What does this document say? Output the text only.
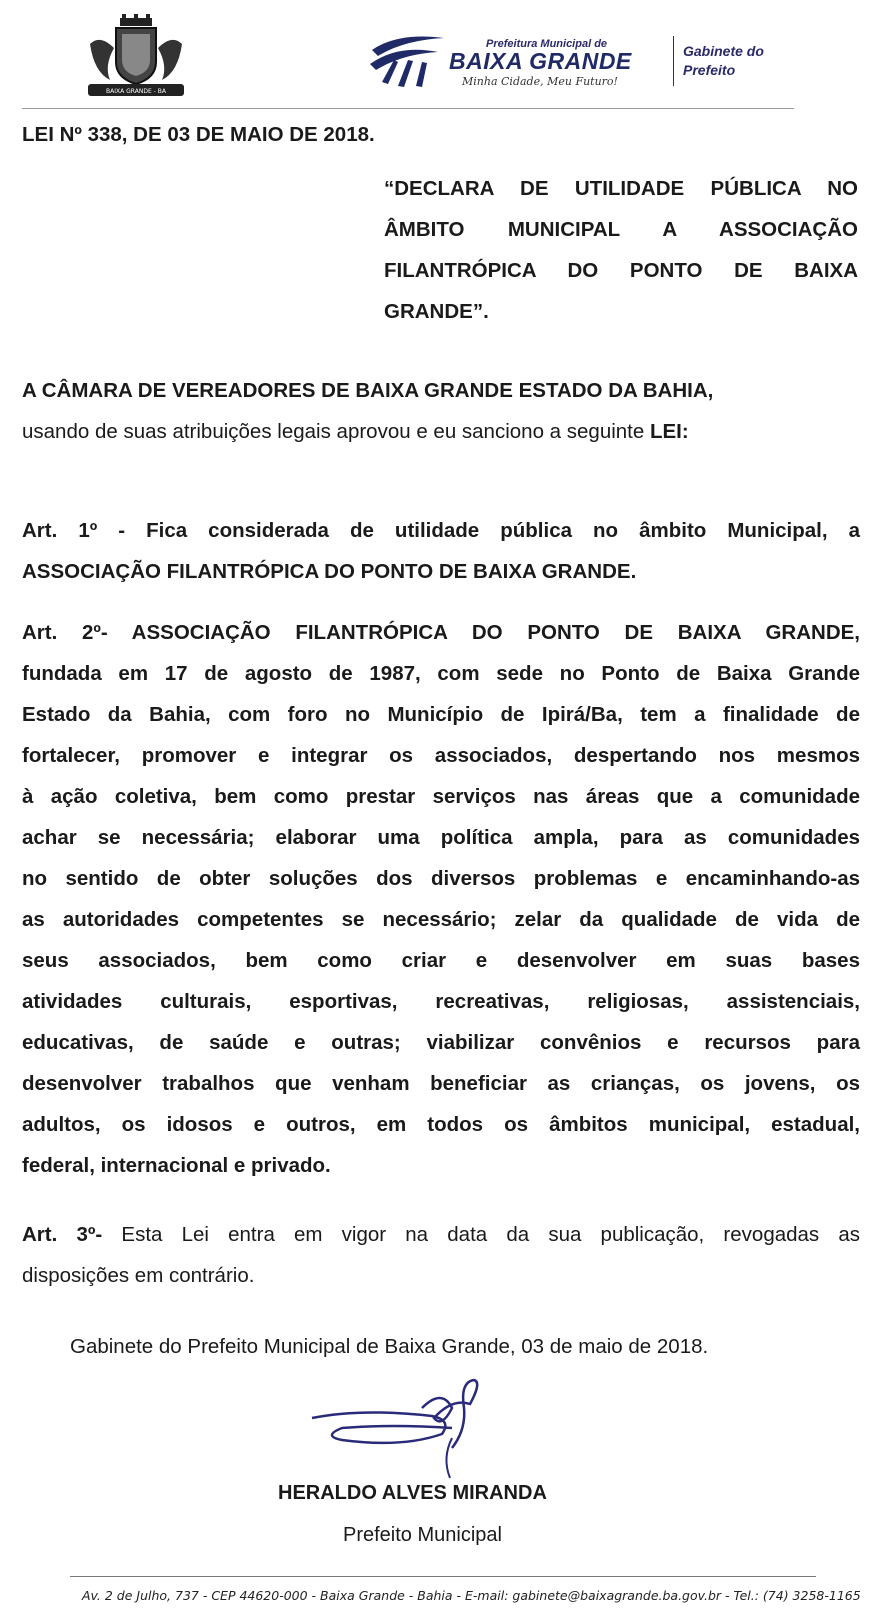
BAIXA GRANDE - BA
Prefeitura Municipal de
BAIXA GRANDE
Minha Cidade, Meu Futuro!
Gabinete do
Prefeito
LEI Nº 338, DE 03 DE MAIO DE 2018.
“DECLARA DE UTILIDADE PÚBLICA NO
ÂMBITO MUNICIPAL A ASSOCIAÇÃO
FILANTRÓPICA DO PONTO DE BAIXA
GRANDE”.
A CÂMARA DE VEREADORES DE BAIXA GRANDE ESTADO DA BAHIA,
usando de suas atribuições legais aprovou e eu sanciono a seguinte LEI:
Art. 1º - Fica considerada de utilidade pública no âmbito Municipal, a
ASSOCIAÇÃO FILANTRÓPICA DO PONTO DE BAIXA GRANDE.
Art. 2º- ASSOCIAÇÃO FILANTRÓPICA DO PONTO DE BAIXA GRANDE,
fundada em 17 de agosto de 1987, com sede no Ponto de Baixa Grande
Estado da Bahia, com foro no Município de Ipirá/Ba, tem a finalidade de
fortalecer, promover e integrar os associados, despertando nos mesmos
à ação coletiva, bem como prestar serviços nas áreas que a comunidade
achar se necessária; elaborar uma política ampla, para as comunidades
no sentido de obter soluções dos diversos problemas e encaminhando-as
as autoridades competentes se necessário; zelar da qualidade de vida de
seus associados, bem como criar e desenvolver em suas bases
atividades culturais, esportivas, recreativas, religiosas, assistenciais,
educativas, de saúde e outras; viabilizar convênios e recursos para
desenvolver trabalhos que venham beneficiar as crianças, os jovens, os
adultos, os idosos e outros, em todos os âmbitos municipal, estadual,
federal, internacional e privado.
Art. 3º- Esta Lei entra em vigor na data da sua publicação, revogadas as
disposições em contrário.
Gabinete do Prefeito Municipal de Baixa Grande, 03 de maio de 2018.
HERALDO ALVES MIRANDA
Prefeito Municipal
Av. 2 de Julho, 737 - CEP 44620-000 - Baixa Grande - Bahia - E-mail: gabinete@baixagrande.ba.gov.br - Tel.: (74) 3258-1165
